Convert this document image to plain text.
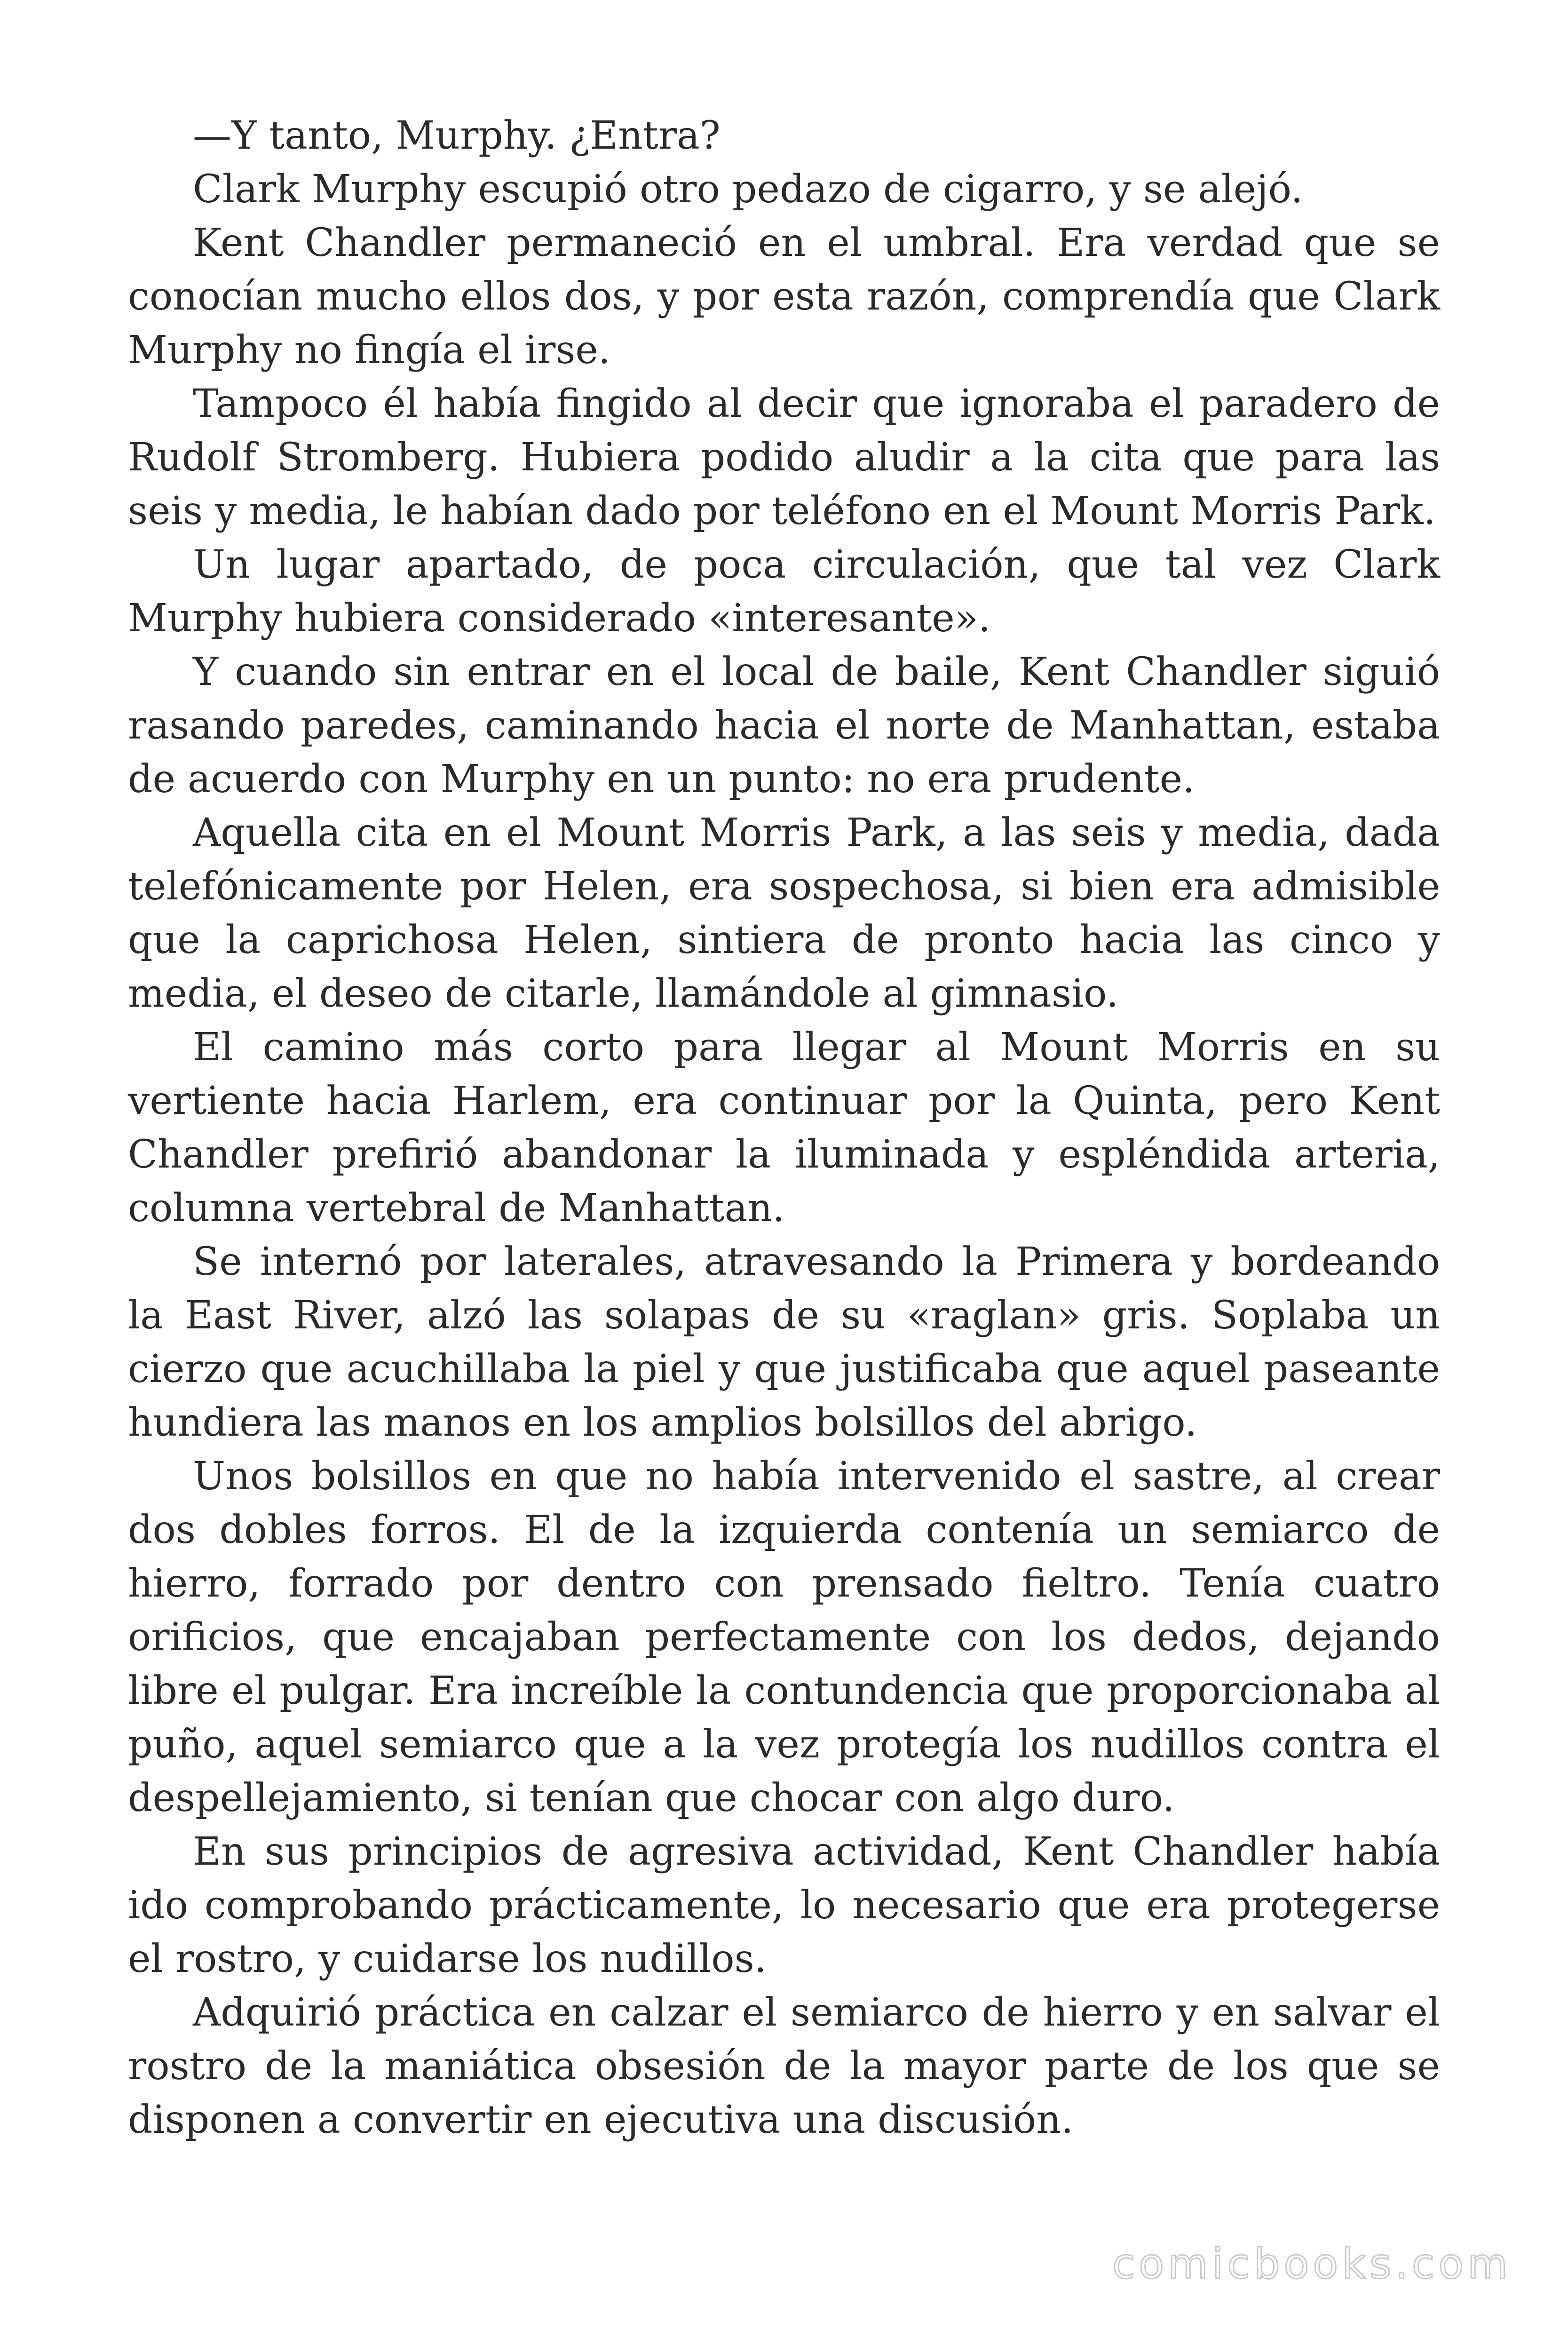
—Y tanto, Murphy. ¿Entra?

Clark Murphy escupió otro pedazo de cigarro, y se alejó.

Kent Chandler permaneció en el umbral. Era verdad que se conocían mucho ellos dos, y por esta razón, comprendía que Clark Murphy no fingía el irse.

Tampoco él había fingido al decir que ignoraba el paradero de Rudolf Stromberg. Hubiera podido aludir a la cita que para las seis y media, le habían dado por teléfono en el Mount Morris Park.

Un lugar apartado, de poca circulación, que tal vez Clark Murphy hubiera considerado «interesante».

Y cuando sin entrar en el local de baile, Kent Chandler siguió rasando paredes, caminando hacia el norte de Manhattan, estaba de acuerdo con Murphy en un punto: no era prudente.

Aquella cita en el Mount Morris Park, a las seis y media, dada telefónicamente por Helen, era sospechosa, si bien era admisible que la caprichosa Helen, sintiera de pronto hacia las cinco y media, el deseo de citarle, llamándole al gimnasio.

El camino más corto para llegar al Mount Morris en su vertiente hacia Harlem, era continuar por la Quinta, pero Kent Chandler prefirió abandonar la iluminada y espléndida arteria, columna vertebral de Manhattan.

Se internó por laterales, atravesando la Primera y bordeando la East River, alzó las solapas de su «raglan» gris. Soplaba un cierzo que acuchillaba la piel y que justificaba que aquel paseante hundiera las manos en los amplios bolsillos del abrigo.

Unos bolsillos en que no había intervenido el sastre, al crear dos dobles forros. El de la izquierda contenía un semiarco de hierro, forrado por dentro con prensado fieltro. Tenía cuatro orificios, que encajaban perfectamente con los dedos, dejando libre el pulgar. Era increíble la contundencia que proporcionaba al puño, aquel semiarco que a la vez protegía los nudillos contra el despellejamiento, si tenían que chocar con algo duro.

En sus principios de agresiva actividad, Kent Chandler había ido comprobando prácticamente, lo necesario que era protegerse el rostro, y cuidarse los nudillos.

Adquirió práctica en calzar el semiarco de hierro y en salvar el rostro de la maniática obsesión de la mayor parte de los que se disponen a convertir en ejecutiva una discusión.

comicbooks.com
